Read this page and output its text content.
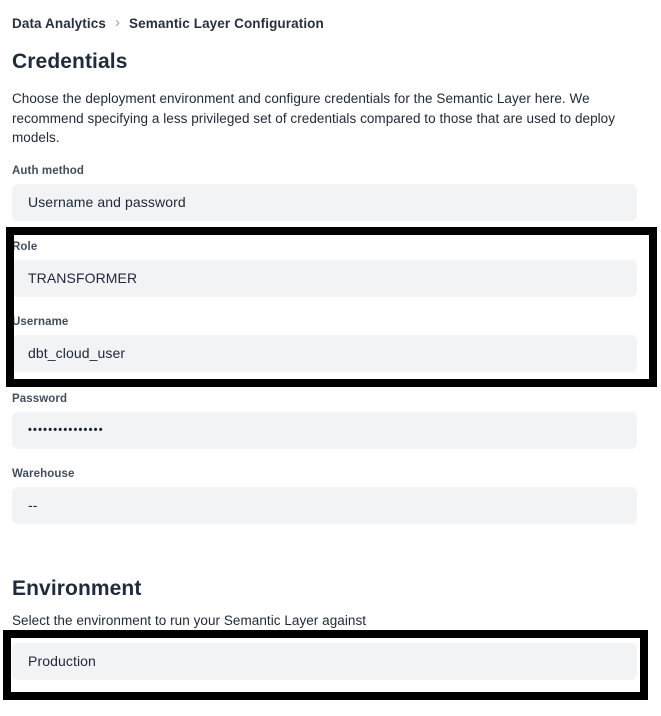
Data Analytics › Semantic Layer Configuration
Credentials
Choose the deployment environment and configure credentials for the Semantic Layer here. We
recommend specifying a less privileged set of credentials compared to those that are used to deploy
models.
Auth method
Username and password
Role
TRANSFORMER
Username
dbt_cloud_user
Password
•••••••••••••••
Warehouse
--
Environment
Select the environment to run your Semantic Layer against
Production
